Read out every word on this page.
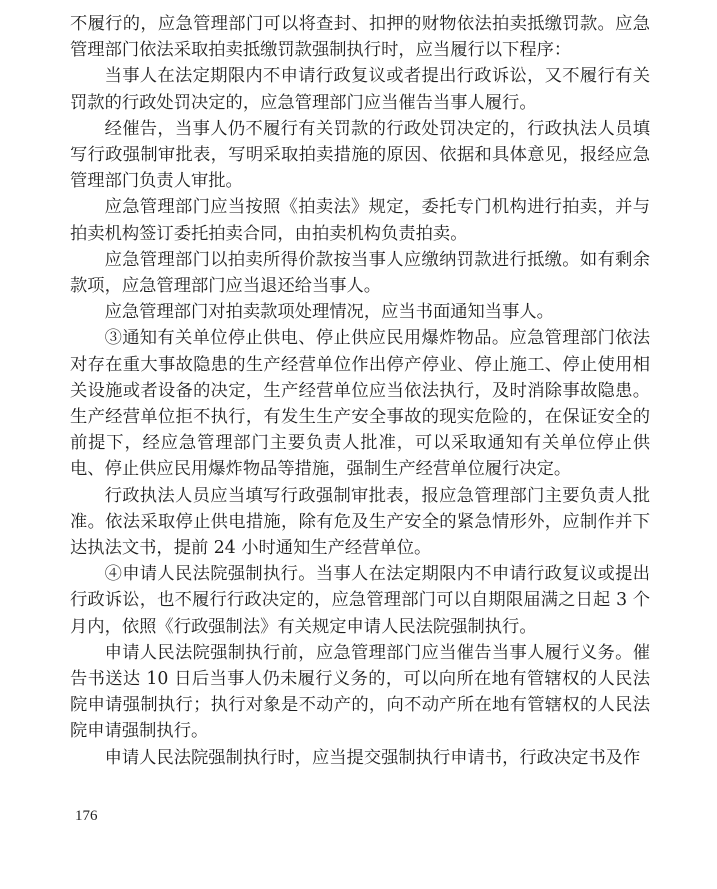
不履行的，应急管理部门可以将查封、扣押的财物依法拍卖抵缴罚款。应急管理部门依法采取拍卖抵缴罚款强制执行时，应当履行以下程序：

当事人在法定期限内不申请行政复议或者提出行政诉讼，又不履行有关罚款的行政处罚决定的，应急管理部门应当催告当事人履行。

经催告，当事人仍不履行有关罚款的行政处罚决定的，行政执法人员填写行政强制审批表，写明采取拍卖措施的原因、依据和具体意见，报经应急管理部门负责人审批。

应急管理部门应当按照《拍卖法》规定，委托专门机构进行拍卖，并与拍卖机构签订委托拍卖合同，由拍卖机构负责拍卖。

应急管理部门以拍卖所得价款按当事人应缴纳罚款进行抵缴。如有剩余款项，应急管理部门应当退还给当事人。

应急管理部门对拍卖款项处理情况，应当书面通知当事人。

③通知有关单位停止供电、停止供应民用爆炸物品。应急管理部门依法对存在重大事故隐患的生产经营单位作出停产停业、停止施工、停止使用相关设施或者设备的决定，生产经营单位应当依法执行，及时消除事故隐患。生产经营单位拒不执行，有发生生产安全事故的现实危险的，在保证安全的前提下，经应急管理部门主要负责人批准，可以采取通知有关单位停止供电、停止供应民用爆炸物品等措施，强制生产经营单位履行决定。

行政执法人员应当填写行政强制审批表，报应急管理部门主要负责人批准。依法采取停止供电措施，除有危及生产安全的紧急情形外，应制作并下达执法文书，提前 24 小时通知生产经营单位。

④申请人民法院强制执行。当事人在法定期限内不申请行政复议或提出行政诉讼，也不履行行政决定的，应急管理部门可以自期限届满之日起 3 个月内，依照《行政强制法》有关规定申请人民法院强制执行。

申请人民法院强制执行前，应急管理部门应当催告当事人履行义务。催告书送达 10 日后当事人仍未履行义务的，可以向所在地有管辖权的人民法院申请强制执行；执行对象是不动产的，向不动产所在地有管辖权的人民法院申请强制执行。

申请人民法院强制执行时，应当提交强制执行申请书，行政决定书及作

176
